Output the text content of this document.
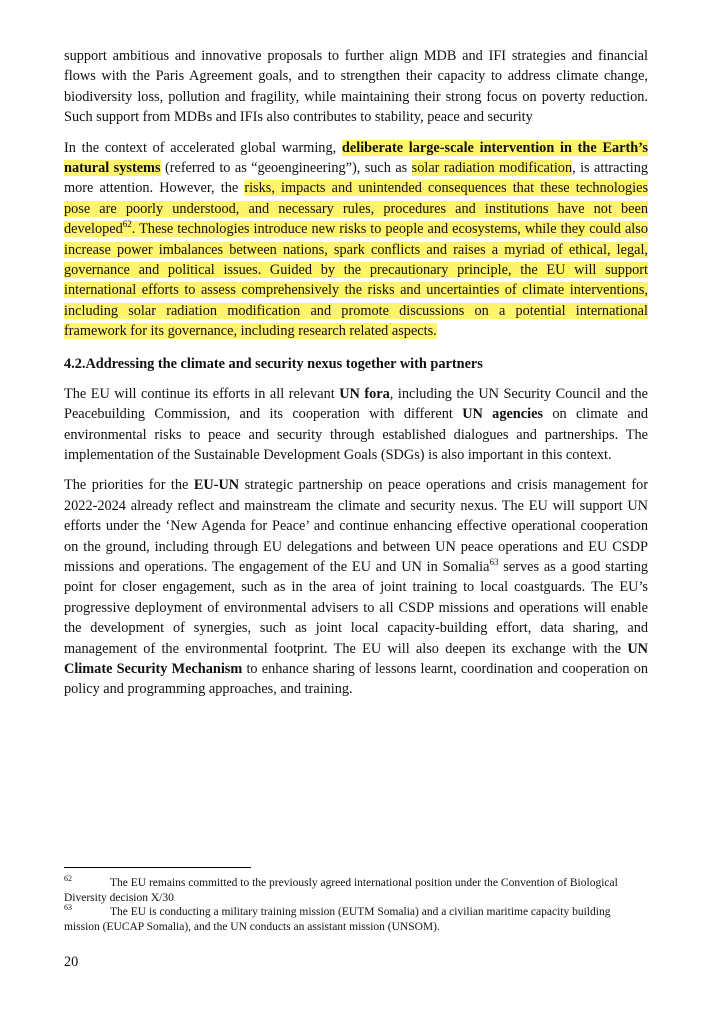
support ambitious and innovative proposals to further align MDB and IFI strategies and financial flows with the Paris Agreement goals, and to strengthen their capacity to address climate change, biodiversity loss, pollution and fragility, while maintaining their strong focus on poverty reduction. Such support from MDBs and IFIs also contributes to stability, peace and security

In the context of accelerated global warming, deliberate large-scale intervention in the Earth’s natural systems (referred to as “geoengineering”), such as solar radiation modification, is attracting more attention. However, the risks, impacts and unintended consequences that these technologies pose are poorly understood, and necessary rules, procedures and institutions have not been developed$^{62}$. These technologies introduce new risks to people and ecosystems, while they could also increase power imbalances between nations, spark conflicts and raises a myriad of ethical, legal, governance and political issues. Guided by the precautionary principle, the EU will support international efforts to assess comprehensively the risks and uncertainties of climate interventions, including solar radiation modification and promote discussions on a potential international framework for its governance, including research related aspects.

4.2.Addressing the climate and security nexus together with partners

The EU will continue its efforts in all relevant UN fora, including the UN Security Council and the Peacebuilding Commission, and its cooperation with different UN agencies on climate and environmental risks to peace and security through established dialogues and partnerships. The implementation of the Sustainable Development Goals (SDGs) is also important in this context.

The priorities for the EU-UN strategic partnership on peace operations and crisis management for 2022-2024 already reflect and mainstream the climate and security nexus. The EU will support UN efforts under the ‘New Agenda for Peace’ and continue enhancing effective operational cooperation on the ground, including through EU delegations and between UN peace operations and EU CSDP missions and operations. The engagement of the EU and UN in Somalia$^{63}$ serves as a good starting point for closer engagement, such as in the area of joint training to local coastguards. The EU’s progressive deployment of environmental advisers to all CSDP missions and operations will enable the development of synergies, such as joint local capacity-building effort, data sharing, and management of the environmental footprint. The EU will also deepen its exchange with the UN Climate Security Mechanism to enhance sharing of lessons learnt, coordination and cooperation on policy and programming approaches, and training.

62	The EU remains committed to the previously agreed international position under the Convention of Biological Diversity decision X/30
63	The EU is conducting a military training mission (EUTM Somalia) and a civilian maritime capacity building mission (EUCAP Somalia), and the UN conducts an assistant mission (UNSOM).
20
